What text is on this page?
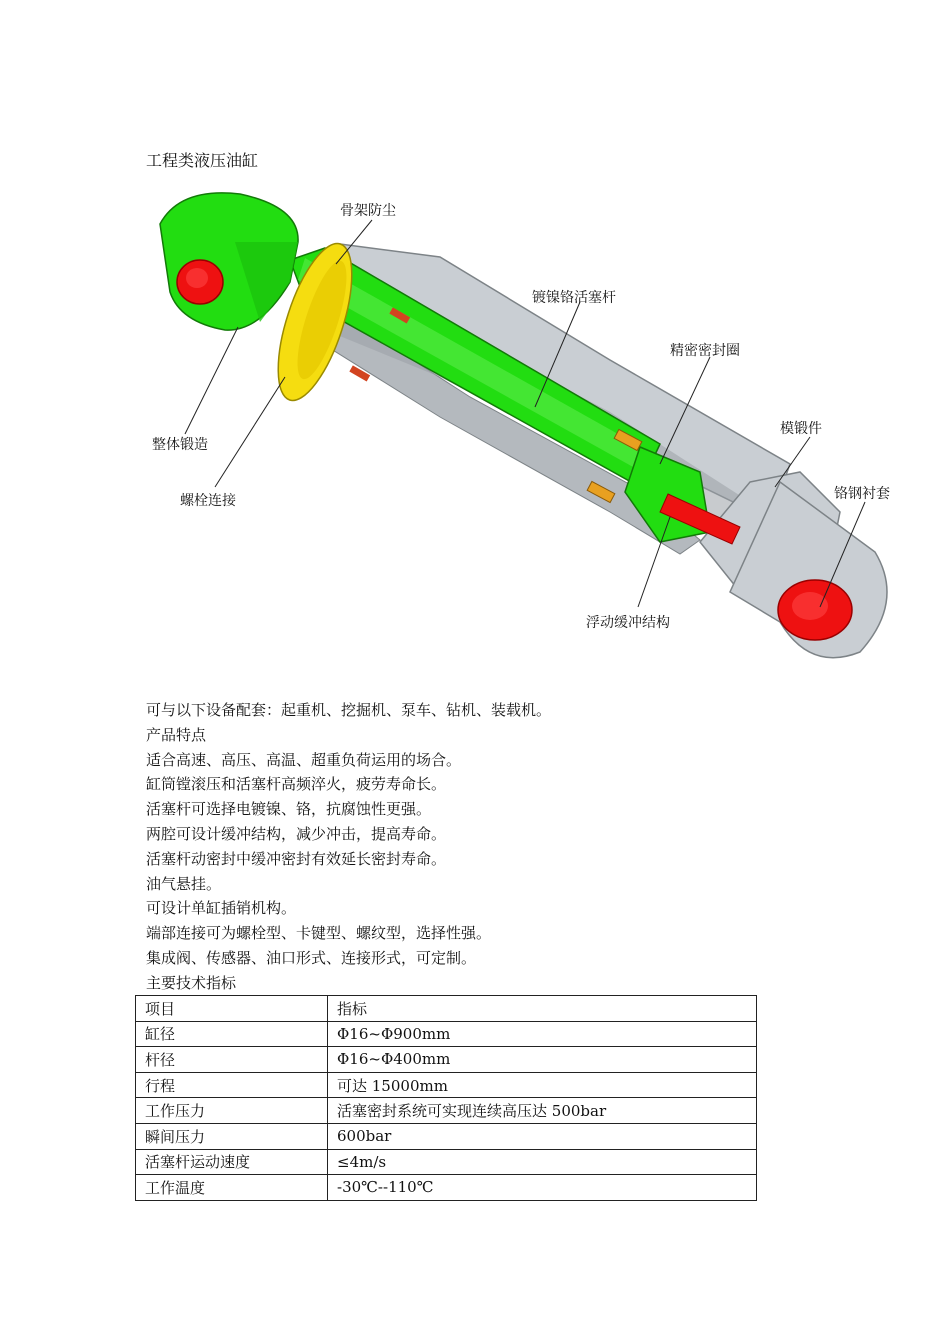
工程类液压油缸
骨架防尘
镀镍铬活塞杆
精密密封圈
模锻件
铬钢衬套
整体锻造
螺栓连接
浮动缓冲结构
可与以下设备配套：起重机、挖掘机、泵车、钻机、装载机。
产品特点
适合高速、高压、高温、超重负荷运用的场合。
缸筒镗滚压和活塞杆高频淬火，疲劳寿命长。
活塞杆可选择电镀镍、铬，抗腐蚀性更强。
两腔可设计缓冲结构，减少冲击，提高寿命。
活塞杆动密封中缓冲密封有效延长密封寿命。
油气悬挂。
可设计单缸插销机构。
端部连接可为螺栓型、卡键型、螺纹型，选择性强。
集成阀、传感器、油口形式、连接形式，可定制。
主要技术指标
项目	指标
缸径	Φ16~Φ900mm
杆径	Φ16~Φ400mm
行程	可达 15000mm
工作压力	活塞密封系统可实现连续高压达 500bar
瞬间压力	600bar
活塞杆运动速度	≤4m/s
工作温度	-30℃--110℃
